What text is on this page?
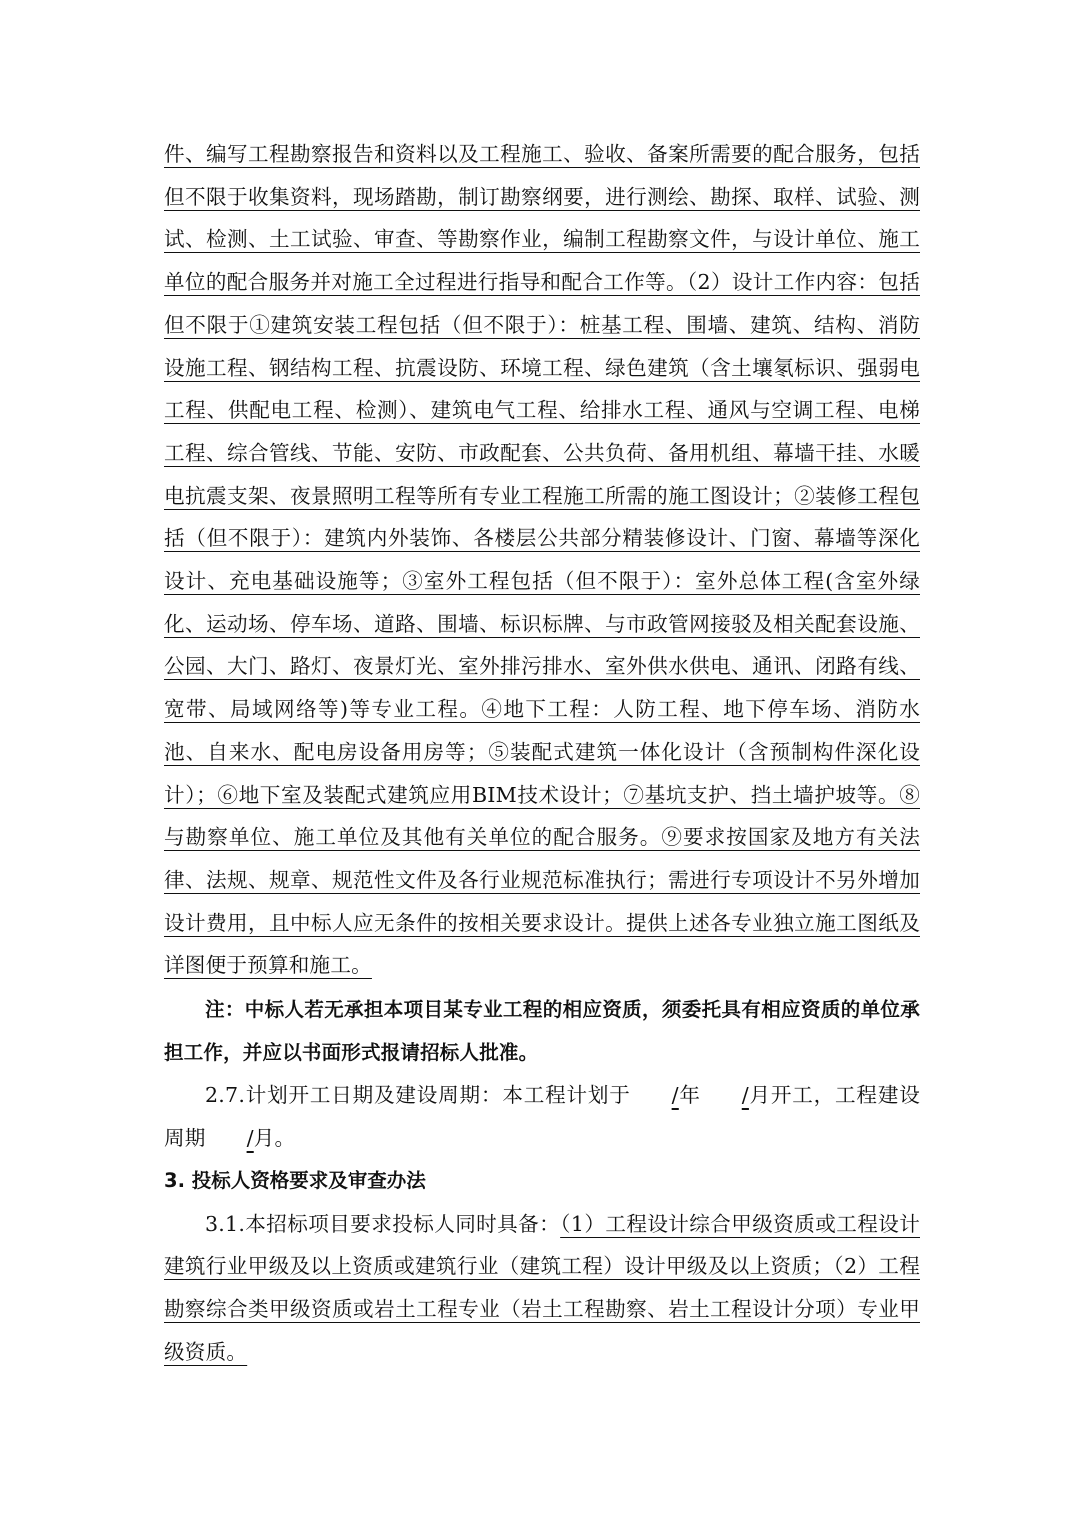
件、编写工程勘察报告和资料以及工程施工、验收、备案所需要的配合服务，包括但不限于收集资料，现场踏勘，制订勘察纲要，进行测绘、勘探、取样、试验、测试、检测、土工试验、审查、等勘察作业，编制工程勘察文件，与设计单位、施工单位的配合服务并对施工全过程进行指导和配合工作等。（2）设计工作内容：包括但不限于①建筑安装工程包括（但不限于）：桩基工程、围墙、建筑、结构、消防设施工程、钢结构工程、抗震设防、环境工程、绿色建筑（含土壤氡标识、强弱电工程、供配电工程、检测）、建筑电气工程、给排水工程、通风与空调工程、电梯工程、综合管线、节能、安防、市政配套、公共负荷、备用机组、幕墙干挂、水暖电抗震支架、夜景照明工程等所有专业工程施工所需的施工图设计；②装修工程包括（但不限于）：建筑内外装饰、各楼层公共部分精装修设计、门窗、幕墙等深化设计、充电基础设施等；③室外工程包括（但不限于）：室外总体工程(含室外绿化、运动场、停车场、道路、围墙、标识标牌、与市政管网接驳及相关配套设施、公园、大门、路灯、夜景灯光、室外排污排水、室外供水供电、通讯、闭路有线、宽带、局域网络等)等专业工程。④地下工程：人防工程、地下停车场、消防水池、自来水、配电房设备用房等；⑤装配式建筑一体化设计（含预制构件深化设计）；⑥地下室及装配式建筑应用BIM技术设计；⑦基坑支护、挡土墙护坡等。⑧与勘察单位、施工单位及其他有关单位的配合服务。⑨要求按国家及地方有关法律、法规、规章、规范性文件及各行业规范标准执行；需进行专项设计不另外增加设计费用，且中标人应无条件的按相关要求设计。提供上述各专业独立施工图纸及详图便于预算和施工。

注：中标人若无承担本项目某专业工程的相应资质，须委托具有相应资质的单位承担工作，并应以书面形式报请招标人批准。

2.7.计划开工日期及建设周期：本工程计划于 /年 /月开工，工程建设周期 /月。

3. 投标人资格要求及审查办法

3.1.本招标项目要求投标人同时具备：（1）工程设计综合甲级资质或工程设计建筑行业甲级及以上资质或建筑行业（建筑工程）设计甲级及以上资质；（2）工程勘察综合类甲级资质或岩土工程专业（岩土工程勘察、岩土工程设计分项）专业甲级资质。
